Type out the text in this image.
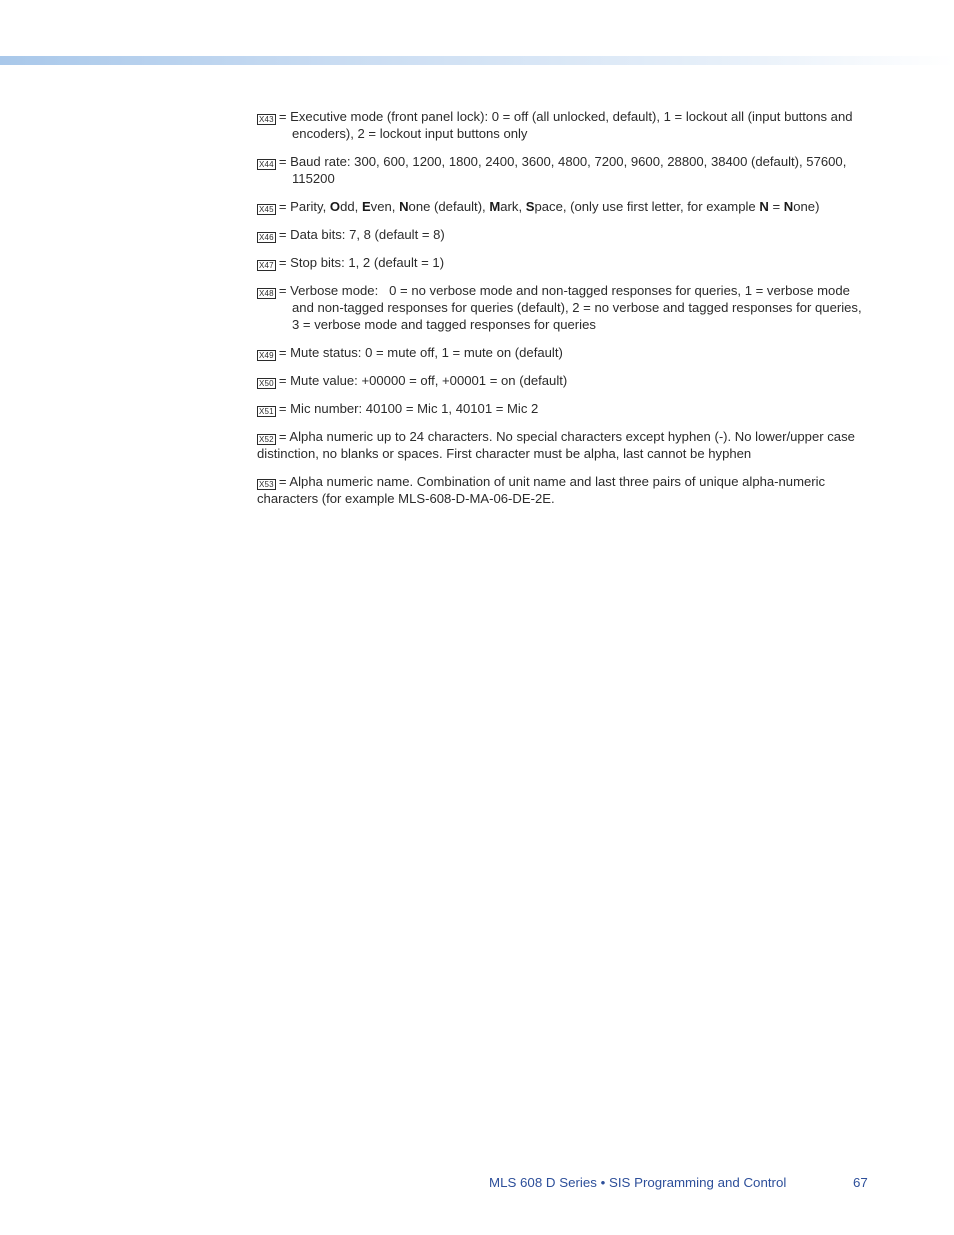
X43 = Executive mode (front panel lock): 0 = off (all unlocked, default), 1 = lockout all (input buttons and encoders), 2 = lockout input buttons only
X44 = Baud rate: 300, 600, 1200, 1800, 2400, 3600, 4800, 7200, 9600, 28800, 38400 (default), 57600, 115200
X45 = Parity, Odd, Even, None (default), Mark, Space, (only use first letter, for example N = None)
X46 = Data bits: 7, 8 (default = 8)
X47 = Stop bits: 1, 2 (default = 1)
X48 = Verbose mode:   0 = no verbose mode and non-tagged responses for queries, 1 = verbose mode and non-tagged responses for queries (default), 2 = no verbose and tagged responses for queries, 3 = verbose mode and tagged responses for queries
X49 = Mute status: 0 = mute off, 1 = mute on (default)
X50 = Mute value: +00000 = off, +00001 = on (default)
X51 = Mic number: 40100 = Mic 1, 40101 = Mic 2
X52 = Alpha numeric up to 24 characters. No special characters except hyphen (-). No lower/upper case distinction, no blanks or spaces. First character must be alpha, last cannot be hyphen
X53 = Alpha numeric name. Combination of unit name and last three pairs of unique alpha-numeric characters (for example MLS-608-D-MA-06-DE-2E.
MLS 608 D Series • SIS Programming and Control	67
